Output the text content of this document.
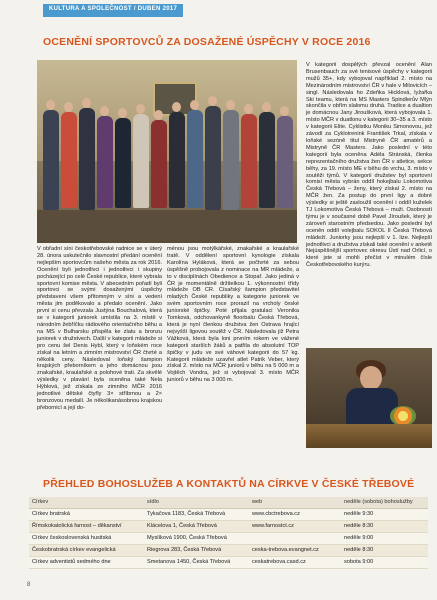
KULTURA A SPOLEČNOST / DUBEN 2017
OCENĚNÍ SPORTOVCŮ ZA DOSAŽENÉ ÚSPĚCHY V ROCE 2016

V obřadní síni českotřebovské radnice se v úterý 28. února uskutečnilo slavnostní předání ocenění nejlepším sportovcům našeho města za rok 2016. Ocenění byli jednotlivci i jednotlivci i skupiny pocházející po celé České republice, které vybrala sportovní komise města. V abecedním pořadí byli sportovci se svými dosaženými úspěchy představeni všem přítomným v síni a vedení města jim poděkovalo a předalo ocenění. Jako první si cenu převzala Justýna Bouchalová, která se v kategorii juniorek umístila na 3. místě v národním žebříčku rádiového orientačního běhu a na MS v Bulharsku přispěla ke zlatu a bronzu juniorek v družstvech. Další v kategorii mládeže si pro cenu šel Denis Hybl, který v loňském roce získal na letním a zimním mistrovství ČR čtvrté a několik ceny. Následoval loňský šampion krajských přeborníkem a jeho domácnou jsou znakařské, kraulařské a polohové trati. Za skvělé výsledky v plavání byla oceněna také Nela Hýblová, jež získala ze zimního MČR 2016 jednotlivé dětské čtyřly 3× stříbrnou a 2× bronzovou medailí. Je několikanásobnou krajskou přebornicí a její do-

ménou jsou motýlkářské, znakařské a kraulařské tratě. V oddělení sportovní kynologie získala Karolína Hyláková, která se počtvrté za sebou úspěšně probojovala z nominace na MR mládeže, a to v disciplínách Obedience a Stopař. Jako jediná v ČR je momentálně držitelkou 1. výkonnostní třídy mládeže OB CR. Císařský šampion představitel mladých České republiky a kategorie juniorek ve svém sportovním roce prorazil na vrcholy české juniorské špičky. Poté přijala gratulaci Veronika Tomková, odchovankyně floorbalu Česká Třebová, která je nyní členkou družstva žen Ostrava hrající nejvyšší ligovou soutěž v ČR. Následovala již Petra Vážková, která byla loni prvním rokem ve vážené kategorii starších žáků a patřila do absolutní TOP špičky v judu ve své váhové kategorii do 57 kg. Kategorii mládeže uzavřel atlet Patrik Veber, který získal 2. místo na MČR juniorů v běhu na 5 000 m a Vojtěch Vondra, jež si vybojoval 3. místo MČR juniorů v běhu na 3 000 m.

V kategorii dospělých převzal ocenění Alan Brusenbauch za své tenisové úspěchy v kategorii mužů 35+, kdy vybojoval například 2. místo na Mezinárodním mistrovství ČR v hale v Milovicích – singl. Následovala ho Zdeňka Hicklová, lyžařka Ski teamu, která na MS Masters Spindlerův Mlýn skončila v obřím slalomu druhá. Tradice a dualtion je domácnou Jany Jiroušková, která vybojovala 1. místo MČR v duatlonu v kategorii 30–35 a 3. místo v kategorii Elite. Cyklistku Moniku Simonovou, jež závodí za Cyklotrenink František Trkal, získala v loňské sezóně titul Mistryně ČR amatérů a Mistryně ČR Masters. Jako poslední v této kategorii byla oceněna Adéla Stránská, členka reprezentačního družstva žen ČR v atletice, sekce běhy, za 19. místo ME v běhu do vrchu, 3. místo v soutěži týmů. V kategorii družstev byl sportovní komisí města vybrán oddíl hokejbalu Lokomotiva Česká Třebová – ženy, který získal 2. místo na MČR žen. Za postup do první ligy a dobré výsledky si ještě zasloužil ocenění i oddíl kuželek TJ Lokomotiva Česká Třebová – muži. Osobností týmu je v současné době Pavel Jíroušek, který je zároveň starostním předsedou. Jako poslední byl oceněn oddíl volejbalu SOKOL II Česká Třebová mládeží. Juniorky jsou nejlepší v 1. lize. Nejlepší jednotlivci a družstva získali také ocenění v anketě Nejúspěšnější sportovec okresu Ústí nad Orlicí, o které jste si mohli přečíst v minulém čísle Českotřebovského kurýru.

PŘEHLED BOHOSLUŽEB A KONTAKTŮ NA CÍRKVE V ČESKÉ TŘEBOVÉ
Církev	sídlo	web	neděle (sobota) bohoslužby
Církev bratrská	Tykačova 1183, Česká Třebová	www.cbctrebova.cz	neděle 9:30
Římskokatolická farnost – děkanství	Klácelova 1, Česká Třebová	www.farnostct.cz	neděle 8:30
Církev československá husitská	Myslíková 1900, Česká Třebová		neděle 9:00
Českobratrská církev evangelická	Riegrova 283, Česká Třebová	ceska-trebova.evangnet.cz	neděle 8:30
Církev adventistů sedmého dne	Smetanova 1450, Česká Třebová	ceskatrebova.casd.cz	sobota 9:00
8
